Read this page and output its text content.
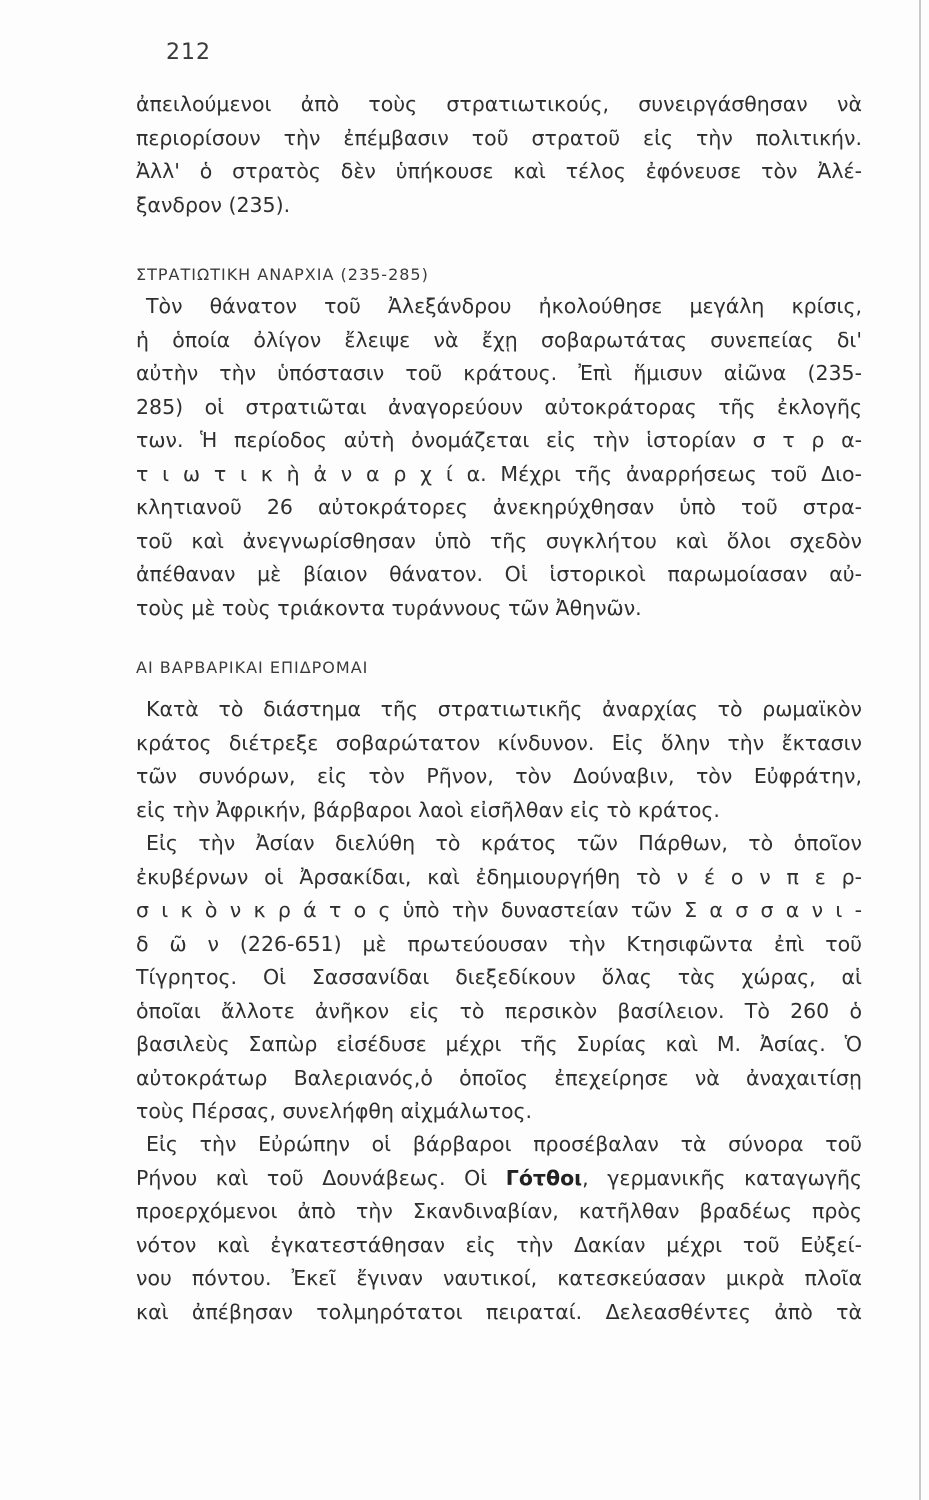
212
ἀπειλούμενοι ἀπὸ τοὺς στρατιωτικούς, συνειργάσθησαν νὰ
περιορίσουν τὴν ἐπέμβασιν τοῦ στρατοῦ εἰς τὴν πολιτικήν.
Ἀλλ' ὁ στρατὸς δὲν ὑπήκουσε καὶ τέλος ἐφόνευσε τὸν Ἀλέ-
ξανδρον (235).
ΣΤΡΑΤΙΩΤΙΚΗ ΑΝΑΡΧΙΑ (235-285)
Τὸν θάνατον τοῦ Ἀλεξάνδρου ἠκολούθησε μεγάλη κρίσις,
ἡ ὁποία ὀλίγον ἔλειψε νὰ ἔχῃ σοβαρωτάτας συνεπείας δι'
αὐτὴν τὴν ὑπόστασιν τοῦ κράτους. Ἐπὶ ἥμισυν αἰῶνα (235-
285) οἱ στρατιῶται ἀναγορεύουν αὐτοκράτορας τῆς ἐκλογῆς
των. Ἡ περίοδος αὐτὴ ὀνομάζεται εἰς τὴν ἱστορίαν σ τ ρ α-
τ ι ω τ ι κ ὴ ἀ ν α ρ χ ί α. Μέχρι τῆς ἀναρρήσεως τοῦ Διο-
κλητιανοῦ 26 αὐτοκράτορες ἀνεκηρύχθησαν ὑπὸ τοῦ στρα-
τοῦ καὶ ἀνεγνωρίσθησαν ὑπὸ τῆς συγκλήτου καὶ ὅλοι σχεδὸν
ἀπέθαναν μὲ βίαιον θάνατον. Οἱ ἱστορικοὶ παρωμοίασαν αὐ-
τοὺς μὲ τοὺς τριάκοντα τυράννους τῶν Ἀθηνῶν.
ΑΙ ΒΑΡΒΑΡΙΚΑΙ ΕΠΙΔΡΟΜΑΙ
Κατὰ τὸ διάστημα τῆς στρατιωτικῆς ἀναρχίας τὸ ρωμαϊκὸν
κράτος διέτρεξε σοβαρώτατον κίνδυνον. Εἰς ὅλην τὴν ἔκτασιν
τῶν συνόρων, εἰς τὸν Ρῆνον, τὸν Δούναβιν, τὸν Εὐφράτην,
εἰς τὴν Ἀφρικήν, βάρβαροι λαοὶ εἰσῆλθαν εἰς τὸ κράτος.
Εἰς τὴν Ἀσίαν διελύθη τὸ κράτος τῶν Πάρθων, τὸ ὁποῖον
ἐκυβέρνων οἱ Ἀρσακίδαι, καὶ ἐδημιουργήθη τὸ ν έ ο ν π ε ρ-
σ ι κ ὸ ν κ ρ ά τ ο ς ὑπὸ τὴν δυναστείαν τῶν Σ α σ σ α ν ι -
δ ῶ ν (226-651) μὲ πρωτεύουσαν τὴν Κτησιφῶντα ἐπὶ τοῦ
Τίγρητος. Οἱ Σασσανίδαι διεξεδίκουν ὅλας τὰς χώρας, αἱ
ὁποῖαι ἄλλοτε ἀνῆκον εἰς τὸ περσικὸν βασίλειον. Τὸ 260 ὁ
βασιλεὺς Σαπὼρ εἰσέδυσε μέχρι τῆς Συρίας καὶ Μ. Ἀσίας. Ὁ
αὐτοκράτωρ Βαλεριανός,ὁ ὁποῖος ἐπεχείρησε νὰ ἀναχαιτίσῃ
τοὺς Πέρσας, συνελήφθη αἰχμάλωτος.
Εἰς τὴν Εὐρώπην οἱ βάρβαροι προσέβαλαν τὰ σύνορα τοῦ
Ρήνου καὶ τοῦ Δουνάβεως. Οἱ Γότθοι, γερμανικῆς καταγωγῆς
προερχόμενοι ἀπὸ τὴν Σκανδιναβίαν, κατῆλθαν βραδέως πρὸς
νότον καὶ ἐγκατεστάθησαν εἰς τὴν Δακίαν μέχρι τοῦ Εὐξεί-
νου πόντου. Ἐκεῖ ἔγιναν ναυτικοί, κατεσκεύασαν μικρὰ πλοῖα
καὶ ἀπέβησαν τολμηρότατοι πειραταί. Δελεασθέντες ἀπὸ τὰ
